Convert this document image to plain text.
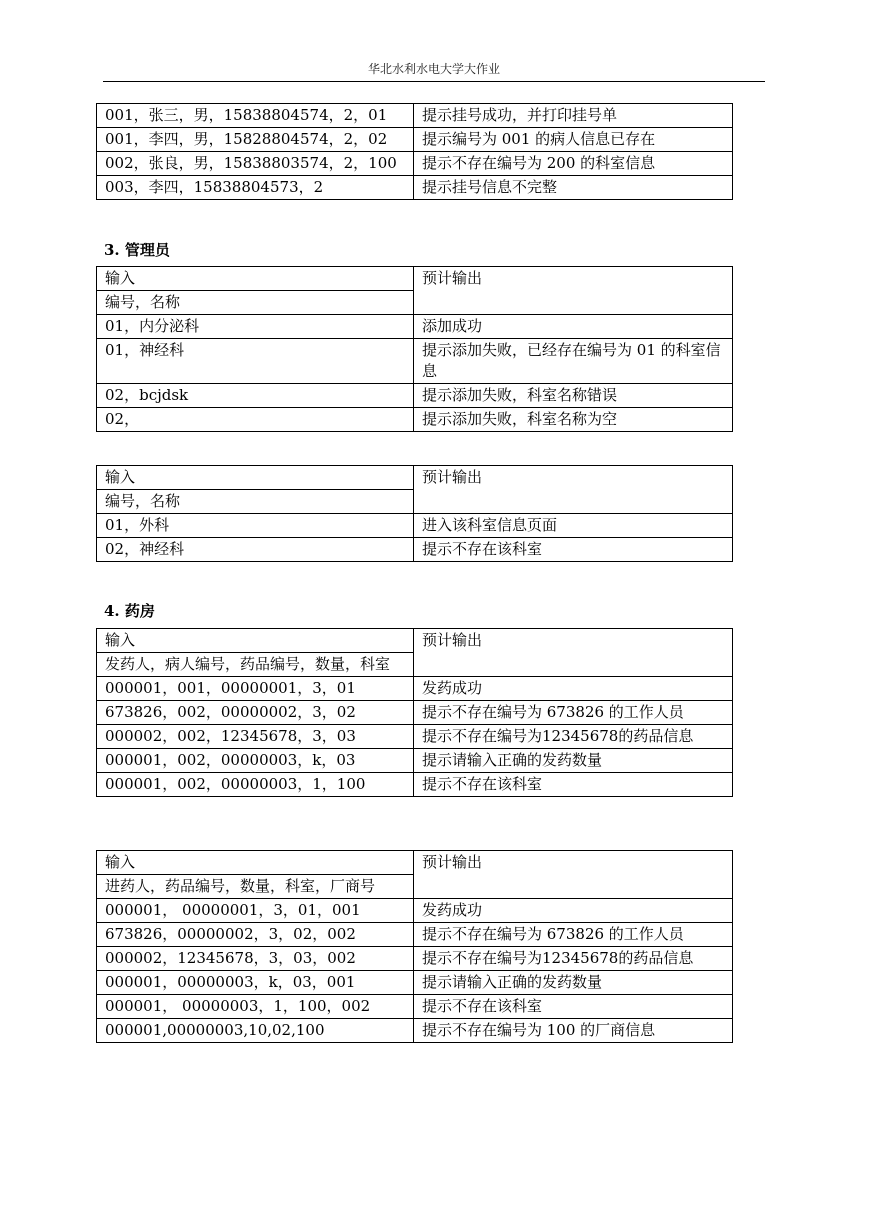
华北水利水电大学大作业
001，张三，男，15838804574，2，01	提示挂号成功，并打印挂号单
001，李四，男，15828804574，2，02	提示编号为 001 的病人信息已存在
002，张良，男，15838803574，2，100	提示不存在编号为 200 的科室信息
003，李四，15838804573，2	提示挂号信息不完整
3. 管理员
输入	预计输出
编号，名称	
01，内分泌科	添加成功
01，神经科	提示添加失败，已经存在编号为 01 的科室信息
02，bcjdsk	提示添加失败，科室名称错误
02，	提示添加失败，科室名称为空
输入	预计输出
编号，名称	
01，外科	进入该科室信息页面
02，神经科	提示不存在该科室
4. 药房
输入	预计输出
发药人，病人编号，药品编号，数量，科室	
000001，001，00000001，3，01	发药成功
673826，002，00000002，3，02	提示不存在编号为 673826 的工作人员
000002，002，12345678，3，03	提示不存在编号为12345678的药品信息
000001，002，00000003，k，03	提示请输入正确的发药数量
000001，002，00000003，1，100	提示不存在该科室
输入	预计输出
进药人，药品编号，数量，科室，厂商号	
000001， 00000001，3，01，001	发药成功
673826，00000002，3，02，002	提示不存在编号为 673826 的工作人员
000002，12345678，3，03，002	提示不存在编号为12345678的药品信息
000001，00000003，k，03，001	提示请输入正确的发药数量
000001， 00000003，1，100，002	提示不存在该科室
000001,00000003,10,02,100	提示不存在编号为 100 的厂商信息
